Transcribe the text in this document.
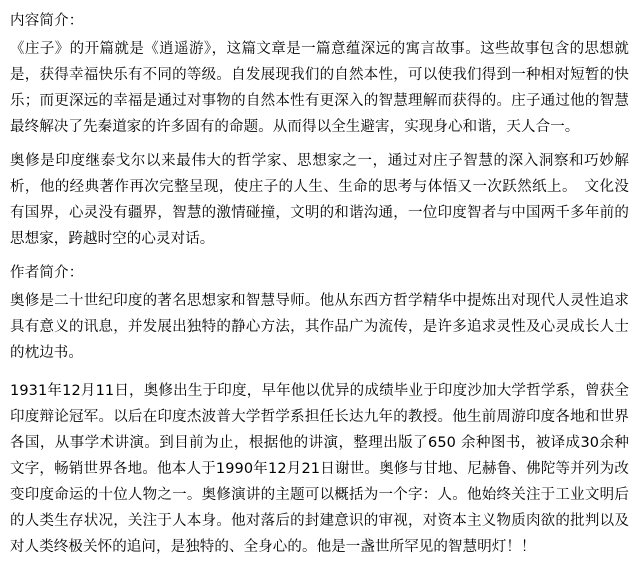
内容简介：

《庄子》的开篇就是《逍遥游》，这篇文章是一篇意蕴深远的寓言故事。这些故事包含的思想就是，获得幸福快乐有不同的等级。自发展现我们的自然本性，可以使我们得到一种相对短暂的快乐；而更深远的幸福是通过对事物的自然本性有更深入的智慧理解而获得的。庄子通过他的智慧最终解决了先秦道家的许多固有的命题。从而得以全生避害，实现身心和谐，天人合一。

奥修是印度继泰戈尔以来最伟大的哲学家、思想家之一，通过对庄子智慧的深入洞察和巧妙解析，他的经典著作再次完整呈现，使庄子的人生、生命的思考与体悟又一次跃然纸上。　文化没有国界，心灵没有疆界，智慧的激情碰撞，文明的和谐沟通，一位印度智者与中国两千多年前的思想家，跨越时空的心灵对话。

作者简介：

奥修是二十世纪印度的著名思想家和智慧导师。他从东西方哲学精华中提炼出对现代人灵性追求具有意义的讯息，并发展出独特的静心方法，其作品广为流传，是许多追求灵性及心灵成长人士的枕边书。

1931年12月11日，奥修出生于印度，早年他以优异的成绩毕业于印度沙加大学哲学系，曾获全印度辩论冠军。以后在印度杰波普大学哲学系担任长达九年的教授。他生前周游印度各地和世界各国，从事学术讲演。到目前为止，根据他的讲演，整理出版了650 余种图书，被译成30余种文字，畅销世界各地。他本人于1990年12月21日谢世。奥修与甘地、尼赫鲁、佛陀等并列为改变印度命运的十位人物之一。奥修演讲的主题可以概括为一个字：人。他始终关注于工业文明后的人类生存状况，关注于人本身。他对落后的封建意识的审视，对资本主义物质肉欲的批判以及对人类终极关怀的追问，是独特的、全身心的。他是一盏世所罕见的智慧明灯！！
